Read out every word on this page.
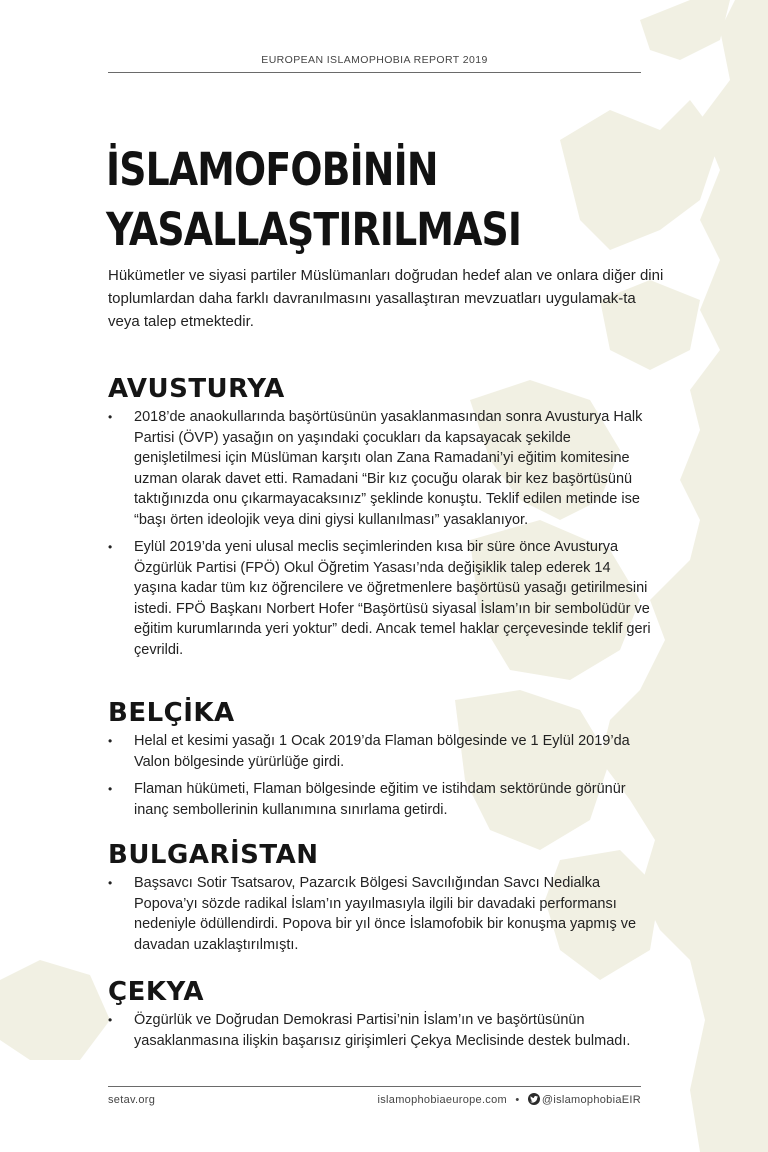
EUROPEAN ISLAMOPHOBIA REPORT 2019
İSLAMOFOBİNİN
YASALLAŞTIRILMASI

Hükümetler ve siyasi partiler Müslümanları doğrudan hedef alan ve onlara diğer dini toplumlardan daha farklı davranılmasını yasallaştıran mevzuatları uygulamak-ta veya talep etmektedir.

AVUSTURYA
• 2018’de anaokullarında başörtüsünün yasaklanmasından sonra Avusturya Halk Partisi (ÖVP) yasağın on yaşındaki çocukları da kapsayacak şekilde genişletilmesi için Müslüman karşıtı olan Zana Ramadani’yi eğitim komitesine uzman olarak davet etti. Ramadani “Bir kız çocuğu olarak bir kez başörtüsünü taktığınızda onu çıkarmayacaksınız” şeklinde konuştu. Teklif edilen metinde ise “başı örten ideolojik veya dini giysi kullanılması” yasaklanıyor.
• Eylül 2019’da yeni ulusal meclis seçimlerinden kısa bir süre önce Avusturya Özgürlük Partisi (FPÖ) Okul Öğretim Yasası’nda değişiklik talep ederek 14 yaşına kadar tüm kız öğrencilere ve öğretmenlere başörtüsü yasağı getirilmesini istedi. FPÖ Başkanı Norbert Hofer “Başörtüsü siyasal İslam’ın bir sembolüdür ve eğitim kurumlarında yeri yoktur” dedi. Ancak temel haklar çerçevesinde teklif geri çevrildi.
BELÇİKA
• Helal et kesimi yasağı 1 Ocak 2019’da Flaman bölgesinde ve 1 Eylül 2019’da Valon bölgesinde yürürlüğe girdi.
• Flaman hükümeti, Flaman bölgesinde eğitim ve istihdam sektöründe görünür inanç sembollerinin kullanımına sınırlama getirdi.
BULGARİSTAN
• Başsavcı Sotir Tsatsarov, Pazarcık Bölgesi Savcılığından Savcı Nedialka Popova’yı sözde radikal İslam’ın yayılmasıyla ilgili bir davadaki performansı nedeniyle ödüllendirdi. Popova bir yıl önce İslamofobik bir konuşma yapmış ve davadan uzaklaştırılmıştı.
ÇEKYA
• Özgürlük ve Doğrudan Demokrasi Partisi’nin İslam’ın ve başörtüsünün yasaklanmasına ilişkin başarısız girişimleri Çekya Meclisinde destek bulmadı.
setav.org	islamophobiaeurope.com • @islamophobiaEIR
